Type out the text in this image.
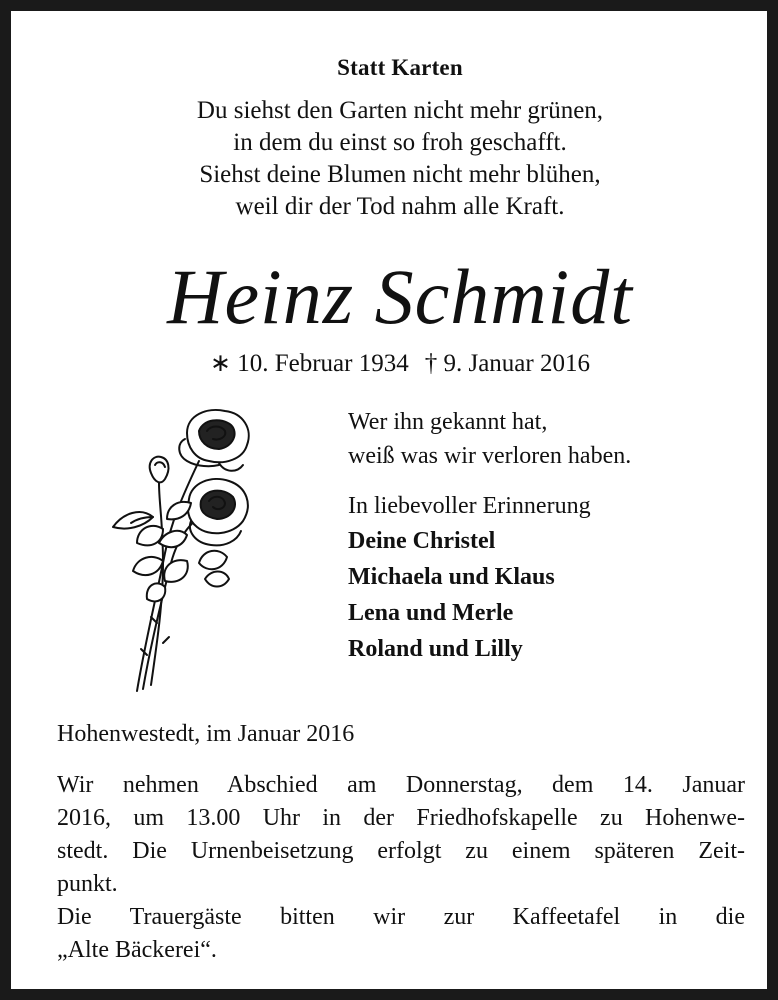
Statt Karten
Du siehst den Garten nicht mehr grünen,
in dem du einst so froh geschafft.
Siehst deine Blumen nicht mehr blühen,
weil dir der Tod nahm alle Kraft.
Heinz Schmidt
∗ 10. Februar 1934 † 9. Januar 2016
Wer ihn gekannt hat,
weiß was wir verloren haben.
In liebevoller Erinnerung
Deine Christel
Michaela und Klaus
Lena und Merle
Roland und Lilly
Hohenwestedt, im Januar 2016
Wir nehmen Abschied am Donnerstag, dem 14. Januar
2016, um 13.00 Uhr in der Friedhofskapelle zu Hohenwe-
stedt. Die Urnenbeisetzung erfolgt zu einem späteren Zeit-
punkt.
Die Trauergäste bitten wir zur Kaffeetafel in die
„Alte Bäckerei“.
